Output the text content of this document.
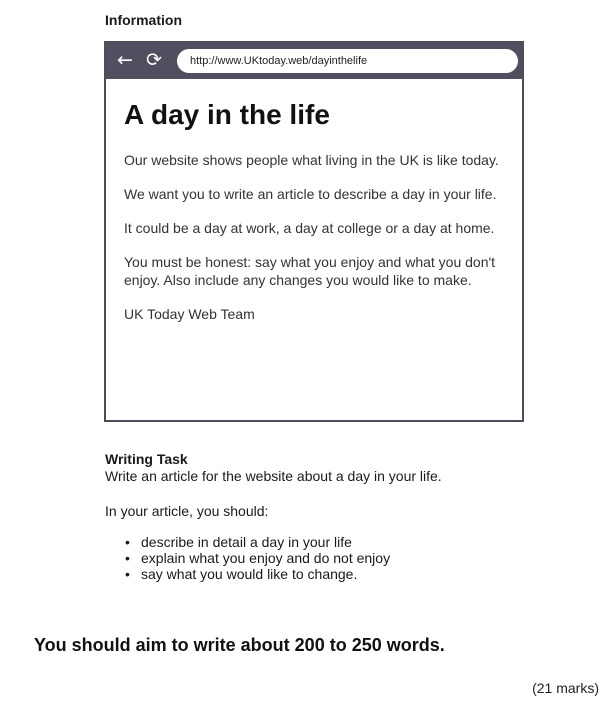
Information
← ⟳	http://www.UKtoday.web/dayinthelife
A day in the life

Our website shows people what living in the UK is like today.

We want you to write an article to describe a day in your life.

It could be a day at work, a day at college or a day at home.

You must be honest: say what you enjoy and what you don't enjoy. Also include any changes you would like to make.

UK Today Web Team

Writing Task
Write an article for the website about a day in your life.
In your article, you should:
• describe in detail a day in your life
• explain what you enjoy and do not enjoy
• say what you would like to change.
You should aim to write about 200 to 250 words.
(21 marks)
